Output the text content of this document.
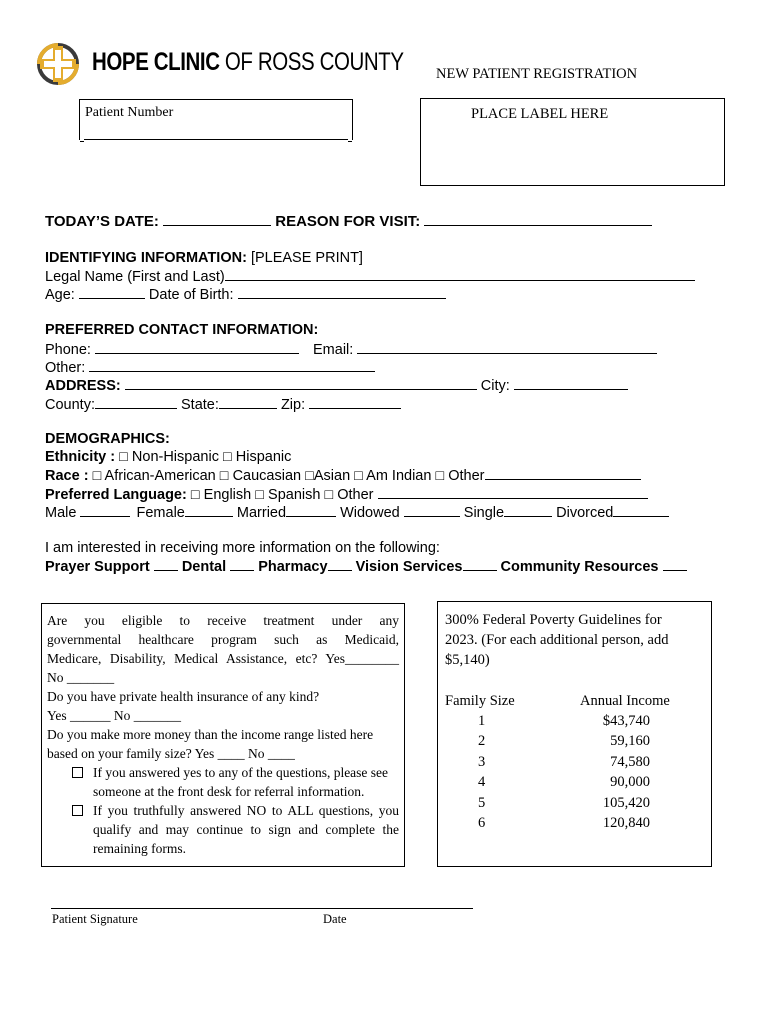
HOPE CLINIC OF ROSS COUNTY NEW PATIENT REGISTRATION
Patient Number	PLACE LABEL HERE
TODAY’S DATE:	REASON FOR VISIT:
IDENTIFYING INFORMATION: [PLEASE PRINT]
Legal Name (First and Last)
Age:	Date of Birth:
PREFERRED CONTACT INFORMATION:
Phone:	Email:
Other:
ADDRESS:	City:
County:	State:	Zip:
DEMOGRAPHICS:
Ethnicity : □ Non-Hispanic □ Hispanic
Race : □ African-American □ Caucasian □Asian □ Am Indian □ Other
Preferred Language: □ English □ Spanish □ Other
Male	Female	Married	Widowed	Single	Divorced
I am interested in receiving more information on the following:
Prayer Support Dental Pharmacy Vision Services	Community Resources
Are you eligible to receive treatment under any
governmental healthcare program such as Medicaid,
Medicare, Disability, Medical Assistance, etc? Yes________
No _______
Do you have private health insurance of any kind?
Yes ______ No _______
Do you make more money than the income range listed here
based on your family size? Yes ____ No ____
If you answered yes to any of the questions, please see
someone at the front desk for referral information.
If you truthfully answered NO to ALL questions, you
qualify and may continue to sign and complete the
remaining forms.
300% Federal Poverty Guidelines for
2023. (For each additional person, add
$5,140)
Family Size	Annual Income
1	$43,740
2	59,160
3	74,580
4	90,000
5	105,420
6	120,840
Patient Signature	Date
